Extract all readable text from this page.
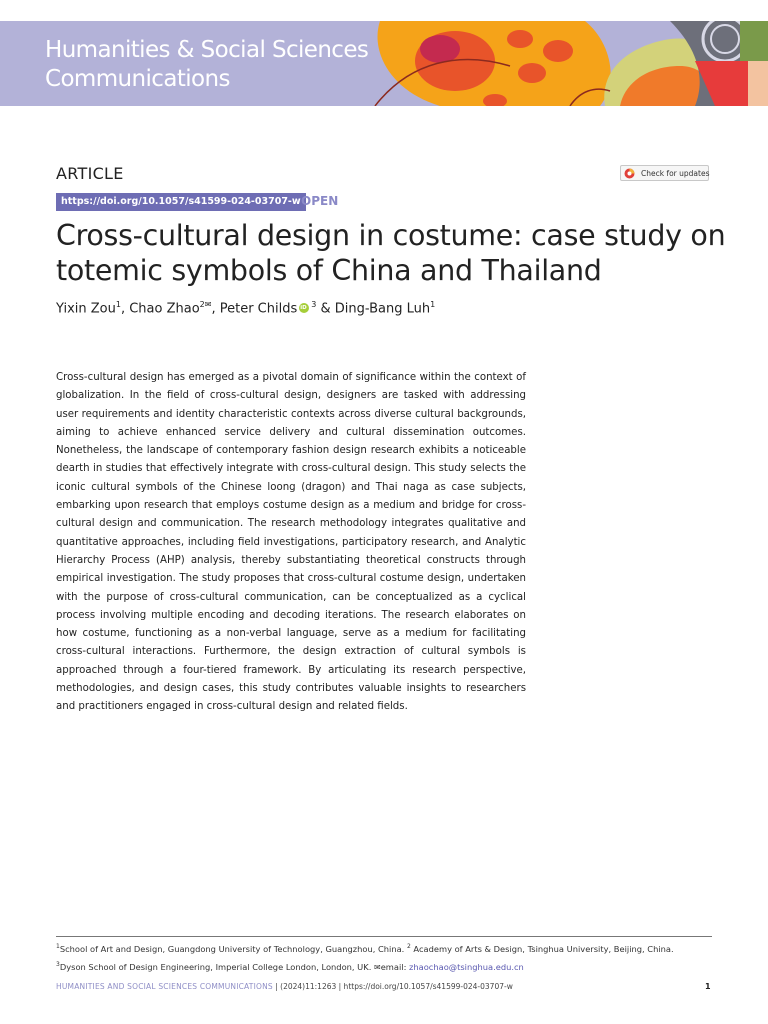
Humanities & Social Sciences
Communications
ARTICLE	Check for updates
https://doi.org/10.1057/s41599-024-03707-w OPEN
Cross-cultural design in costume: case study on totemic symbols of China and Thailand
Yixin Zou$^1$, Chao Zhao$^{2✉}$, Peter ChildsiD $^3$ & Ding-Bang Luh$^1$

Cross-cultural design has emerged as a pivotal domain of significance within the context of globalization. In the field of cross-cultural design, designers are tasked with addressing user requirements and identity characteristic contexts across diverse cultural backgrounds, aiming to achieve enhanced service delivery and cultural dissemination outcomes. Nonetheless, the landscape of contemporary fashion design research exhibits a noticeable dearth in studies that effectively integrate with cross-cultural design. This study selects the iconic cultural symbols of the Chinese loong (dragon) and Thai naga as case subjects, embarking upon research that employs costume design as a medium and bridge for cross-cultural design and communication. The research methodology integrates qualitative and quantitative approaches, including field investigations, participatory research, and Analytic Hierarchy Process (AHP) analysis, thereby substantiating theoretical constructs through empirical investigation. The study proposes that cross-cultural costume design, undertaken with the purpose of cross-cultural communication, can be conceptualized as a cyclical process involving multiple encoding and decoding iterations. The research elaborates on how costume, functioning as a non-verbal language, serve as a medium for facilitating cross-cultural interactions. Furthermore, the design extraction of cultural symbols is approached through a four-tiered framework. By articulating its research perspective, methodologies, and design cases, this study contributes valuable insights to researchers and practitioners engaged in cross-cultural design and related fields.

$^1$School of Art and Design, Guangdong University of Technology, Guangzhou, China. $^2$ Academy of Arts & Design, Tsinghua University, Beijing, China.

$^3$Dyson School of Design Engineering, Imperial College London, London, UK. ✉email: zhaochao@tsinghua.edu.cn

HUMANITIES AND SOCIAL SCIENCES COMMUNICATIONS | (2024)11:1263 | https://doi.org/10.1057/s41599-024-03707-w	1
